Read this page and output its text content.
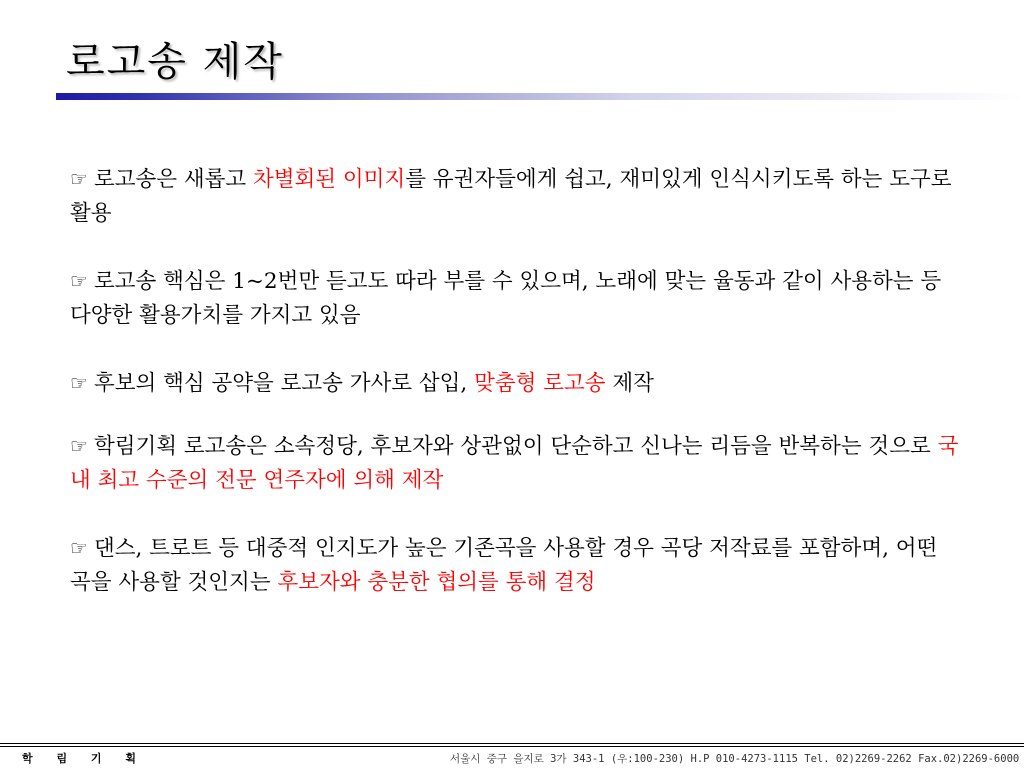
로고송 제작
☞ 로고송은 새롭고 차별회된 이미지를 유권자들에게 쉽고, 재미있게 인식시키도록 하는 도구로 활용
☞ 로고송 핵심은 1~2번만 듣고도 따라 부를 수 있으며, 노래에 맞는 율동과 같이 사용하는 등 다양한 활용가치를 가지고 있음
☞ 후보의 핵심 공약을 로고송 가사로 삽입, 맞춤형 로고송 제작
☞ 학림기획 로고송은 소속정당, 후보자와 상관없이 단순하고 신나는 리듬을 반복하는 것으로 국내 최고 수준의 전문 연주자에 의해 제작
☞ 댄스, 트로트 등 대중적 인지도가 높은 기존곡을 사용할 경우 곡당 저작료를 포함하며, 어떤 곡을 사용할 것인지는 후보자와 충분한 협의를 통해 결정
학 림 기 획	서울시 중구 을지로 3가 343-1 (우:100-230) H.P 010-4273-1115 Tel. 02)2269-2262 Fax.02)2269-6000
